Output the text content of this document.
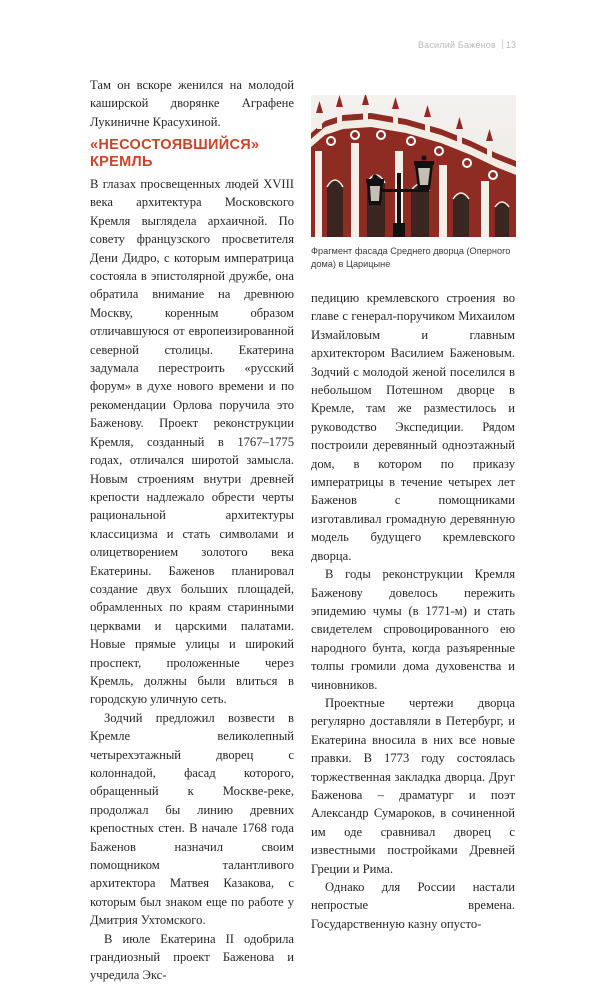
Василий Баженов | 13
Там он вскоре женился на молодой каширской дворянке Аграфене Лукиничне Красухиной.
«НЕСОСТОЯВШИЙСЯ»
КРЕМЛЬ

В глазах просвещенных людей XVIII века архитектура Московского Кремля выглядела архаичной. По совету французского просветителя Дени Дидро, с которым императрица состояла в эпистолярной дружбе, она обратила внимание на древнюю Москву, коренным образом отличавшуюся от европеизированной северной столицы. Екатерина задумала перестроить «русский форум» в духе нового времени и по рекомендации Орлова поручила это Баженову. Проект реконструкции Кремля, созданный в 1767–1775 годах, отличался широтой замысла. Новым строениям внутри древней крепости надлежало обрести черты рациональной архитектуры классицизма и стать символами и олицетворением золотого века Екатерины. Баженов планировал создание двух больших площадей, обрамленных по краям старинными церквами и царскими палатами. Новые прямые улицы и широкий проспект, проложенные через Кремль, должны были влиться в городскую уличную сеть.

Зодчий предложил возвести в Кремле великолепный четырехэтажный дворец с колоннадой, фасад которого, обращенный к Москве-реке, продолжал бы линию древних крепостных стен. В начале 1768 года Баженов назначил своим помощником талантливого архитектора Матвея Казакова, с которым был знаком еще по работе у Дмитрия Ухтомского.

В июле Екатерина II одобрила грандиозный проект Баженова и учредила Экс-

Фрагмент фасада Среднего дворца (Оперного дома) в Царицыне

педицию кремлевского строения во главе с генерал-поручиком Михаилом Измайловым и главным архитектором Василием Баженовым. Зодчий с молодой женой поселился в небольшом Потешном дворце в Кремле, там же разместилось и руководство Экспедиции. Рядом построили деревянный одноэтажный дом, в котором по приказу императрицы в течение четырех лет Баженов с помощниками изготавливал громадную деревянную модель будущего кремлевского дворца.

В годы реконструкции Кремля Баженову довелось пережить эпидемию чумы (в 1771-м) и стать свидетелем спровоцированного ею народного бунта, когда разъяренные толпы громили дома духовенства и чиновников.

Проектные чертежи дворца регулярно доставляли в Петербург, и Екатерина вносила в них все новые правки. В 1773 году состоялась торжественная закладка дворца. Друг Баженова – драматург и поэт Александр Сумароков, в сочиненной им оде сравнивал дворец с известными постройками Древней Греции и Рима.

Однако для России настали непростые времена. Государственную казну опусто-
